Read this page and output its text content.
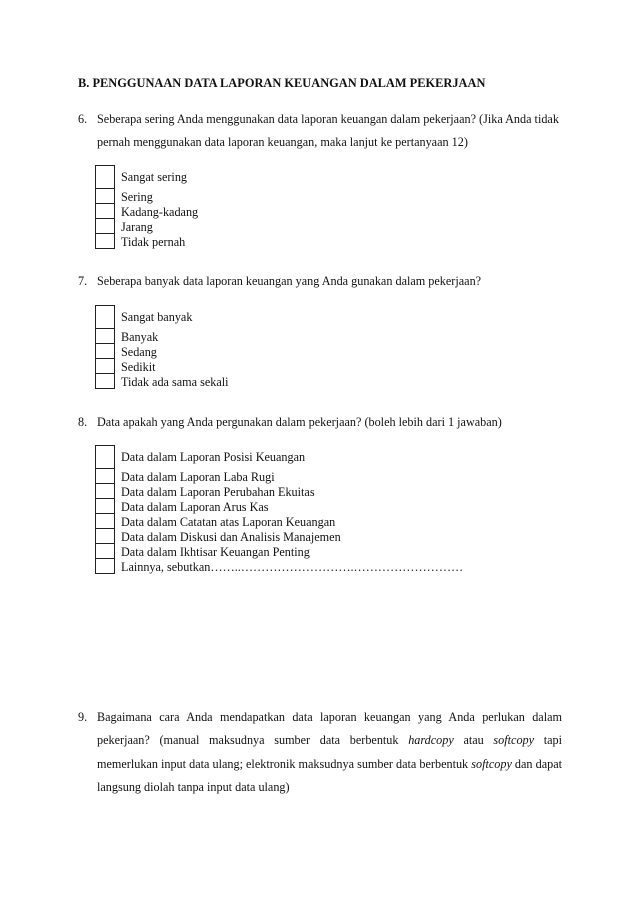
B. PENGGUNAAN DATA LAPORAN KEUANGAN DALAM PEKERJAAN
6. Seberapa sering Anda menggunakan data laporan keuangan dalam pekerjaan? (Jika Anda tidak pernah menggunakan data laporan keuangan, maka lanjut ke pertanyaan 12)
Sangat sering
Sering
Kadang-kadang
Jarang
Tidak pernah
7. Seberapa banyak data laporan keuangan yang Anda gunakan dalam pekerjaan?
Sangat banyak
Banyak
Sedang
Sedikit
Tidak ada sama sekali
8. Data apakah yang Anda pergunakan dalam pekerjaan? (boleh lebih dari 1 jawaban)
Data dalam Laporan Posisi Keuangan
Data dalam Laporan Laba Rugi
Data dalam Laporan Perubahan Ekuitas
Data dalam Laporan Arus Kas
Data dalam Catatan atas Laporan Keuangan
Data dalam Diskusi dan Analisis Manajemen
Data dalam Ikhtisar Keuangan Penting
Lainnya, sebutkan……..……………………….………………………
9. Bagaimana cara Anda mendapatkan data laporan keuangan yang Anda perlukan dalam pekerjaan? (manual maksudnya sumber data berbentuk hardcopy atau softcopy tapi memerlukan input data ulang; elektronik maksudnya sumber data berbentuk softcopy dan dapat langsung diolah tanpa input data ulang)
